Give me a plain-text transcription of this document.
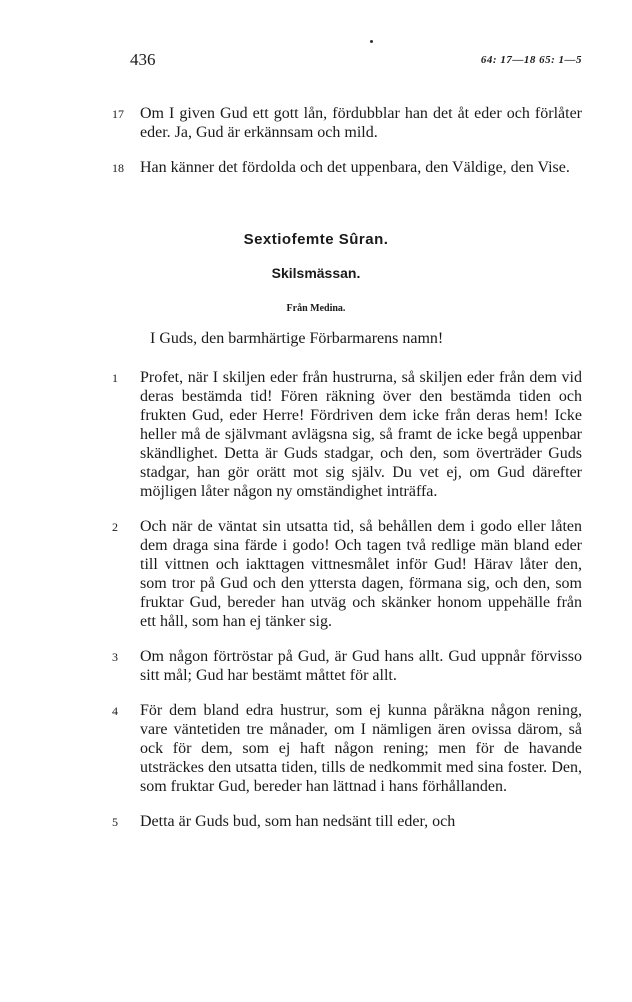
436	64: 17—18 65: 1—5
17 Om I given Gud ett gott lån, fördubblar han det åt eder och förlåter eder. Ja, Gud är erkännsam och mild.

18 Han känner det fördolda och det uppenbara, den Väldige, den Vise.

Sextiofemte Sûran.
Skilsmässan.
Från Medina.
I Guds, den barmhärtige Förbarmarens namn!
1 Profet, när I skiljen eder från hustrurna, så skiljen eder från dem vid deras bestämda tid! Fören räkning över den bestämda tiden och frukten Gud, eder Herre! Fördriven dem icke från deras hem! Icke heller må de självmant avlägsna sig, så framt de icke begå uppenbar skändlighet. Detta är Guds stadgar, och den, som överträder Guds stadgar, han gör orätt mot sig själv. Du vet ej, om Gud därefter möjligen låter någon ny omständighet inträffa.

2 Och när de väntat sin utsatta tid, så behållen dem i godo eller låten dem draga sina färde i godo! Och tagen två redlige män bland eder till vittnen och iakttagen vittnesmålet inför Gud! Härav låter den, som tror på Gud och den yttersta dagen, förmana sig, och den, som fruktar Gud, bereder han utväg och skänker honom uppehälle från ett håll, som han ej tänker sig.

3 Om någon förtröstar på Gud, är Gud hans allt. Gud uppnår förvisso sitt mål; Gud har bestämt måttet för allt.

4 För dem bland edra hustrur, som ej kunna påräkna någon rening, vare väntetiden tre månader, om I nämligen ären ovissa därom, så ock för dem, som ej haft någon rening; men för de havande utsträckes den utsatta tiden, tills de nedkommit med sina foster. Den, som fruktar Gud, bereder han lättnad i hans förhållanden.

5 Detta är Guds bud, som han nedsänt till eder, och
